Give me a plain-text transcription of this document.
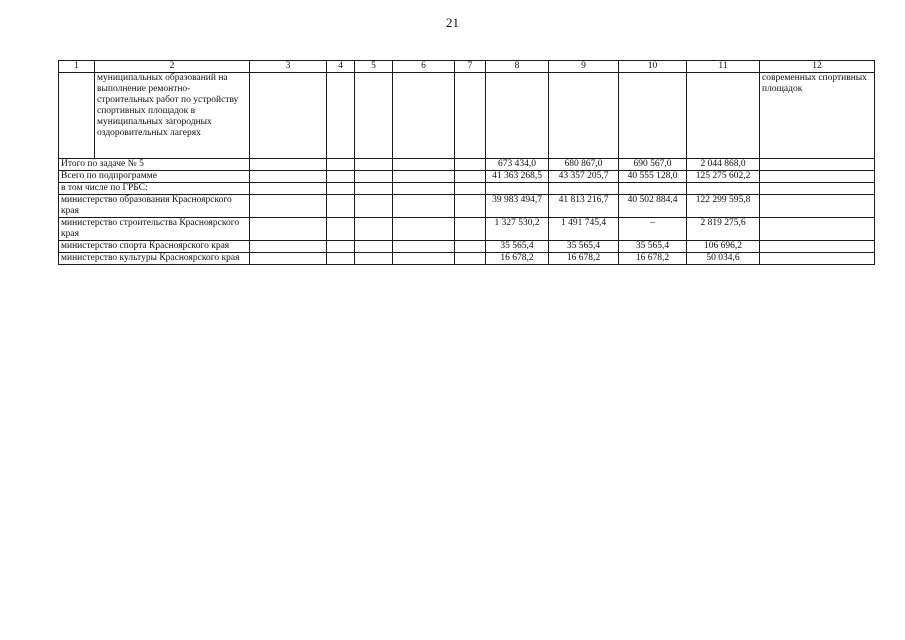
21
1	2	3	4	5	6	7	8	9	10	11	12
	муниципальных образований на выполнение ремонтно-строительных работ по устройству спортивных площадок в муниципальных загородных оздоровительных лагерях										современных спортивных площадок
Итого по задаче № 5							673 434,0	680 867,0	690 567,0	2 044 868,0	
Всего по подпрограмме							41 363 268,5	43 357 205,7	40 555 128,0	125 275 602,2	
в том числе по ГРБС:											
министерство образования Красноярского края							39 983 494,7	41 813 216,7	40 502 884,4	122 299 595,8	
министерство строительства Красноярского края							1 327 530,2	1 491 745,4	–	2 819 275,6	
министерство спорта Красноярского края							35 565,4	35 565,4	35 565,4	106 696,2	
министерство культуры Красноярского края							16 678,2	16 678,2	16 678,2	50 034,6	
